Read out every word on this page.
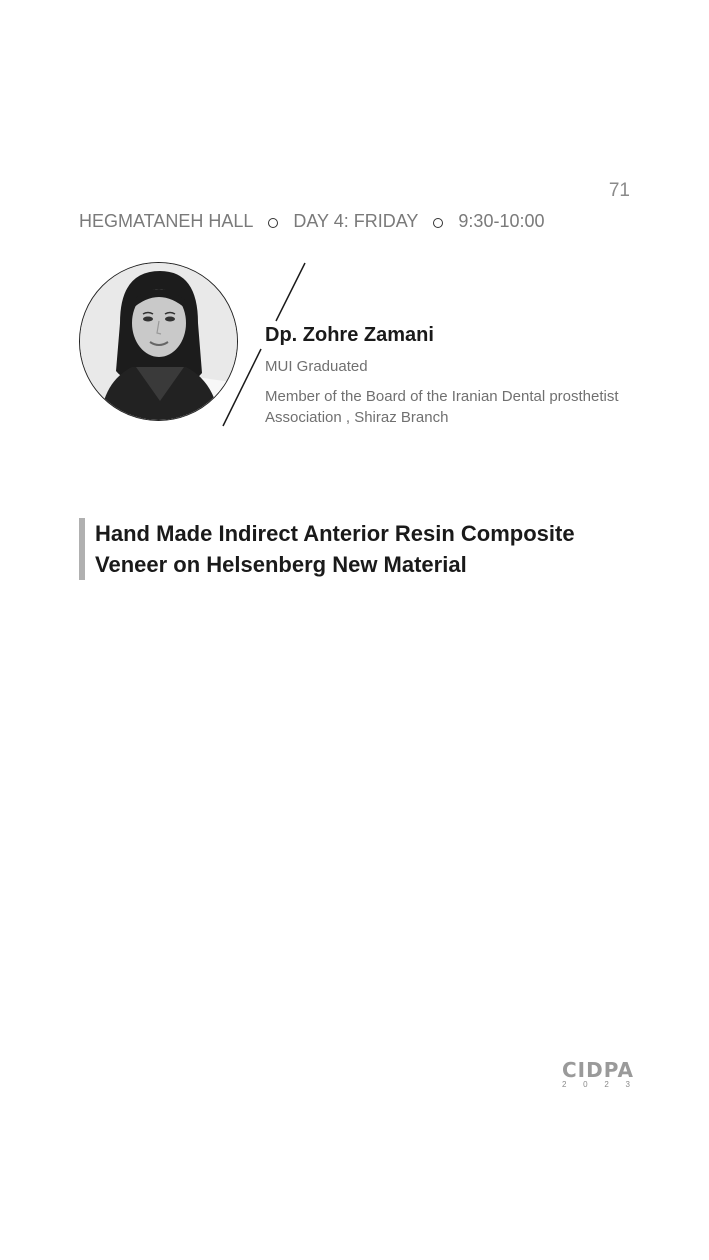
71
HEGMATANEH HALL DAY 4: FRIDAY 9:30-10:00
Dp. Zohre Zamani
MUI Graduated
Member of the Board of the Iranian Dental prosthetist Association , Shiraz Branch
Hand Made Indirect Anterior Resin Composite Veneer on Helsenberg New Material
CIDPA
2 0 2 3
